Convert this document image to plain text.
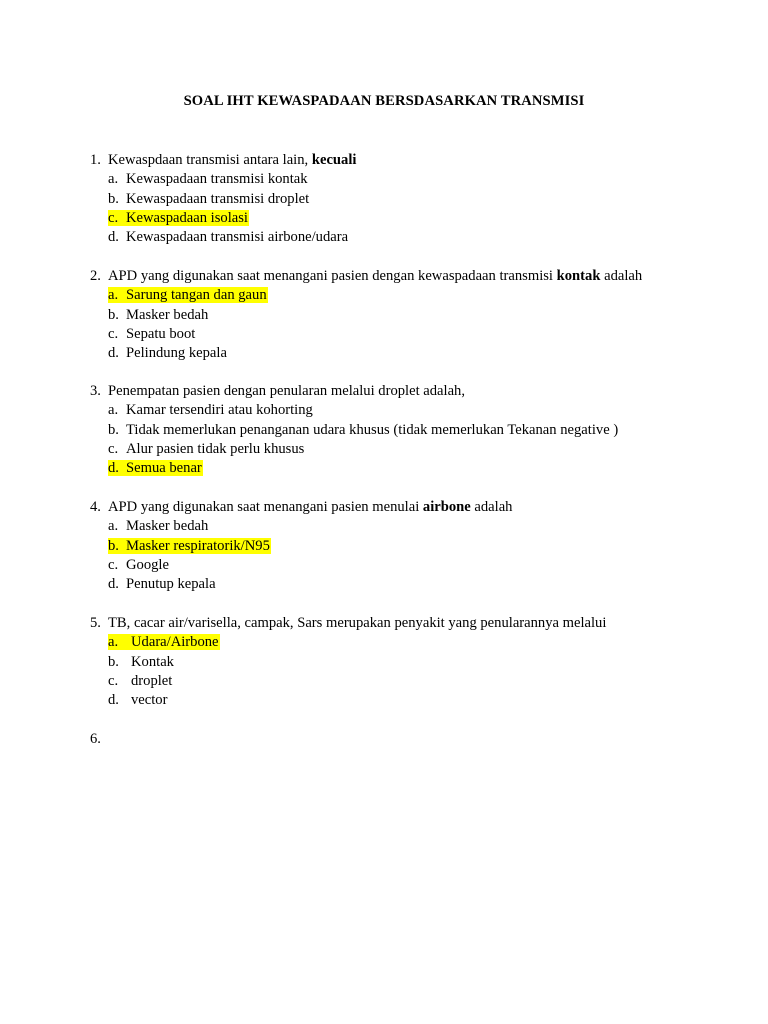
SOAL IHT KEWASPADAAN BERSDASARKAN TRANSMISI
1. Kewaspdaan transmisi antara lain, kecuali
a. Kewaspadaan transmisi kontak
b. Kewaspadaan transmisi droplet
c. Kewaspadaan isolasi
d. Kewaspadaan transmisi airbone/udara
2. APD yang digunakan saat menangani pasien dengan kewaspadaan transmisi kontak adalah
a. Sarung tangan dan gaun
b. Masker bedah
c. Sepatu boot
d. Pelindung kepala
3. Penempatan pasien dengan penularan melalui droplet adalah,
a. Kamar tersendiri atau kohorting
b. Tidak memerlukan penanganan udara khusus (tidak memerlukan Tekanan negative )
c. Alur pasien tidak perlu khusus
d. Semua benar
4. APD yang digunakan saat menangani pasien menulai airbone adalah
a. Masker bedah
b. Masker respiratorik/N95
c. Google
d. Penutup kepala
5. TB, cacar air/varisella, campak, Sars merupakan penyakit yang penularannya melalui
a. Udara/Airbone
b. Kontak
c. droplet
d. vector
6.
